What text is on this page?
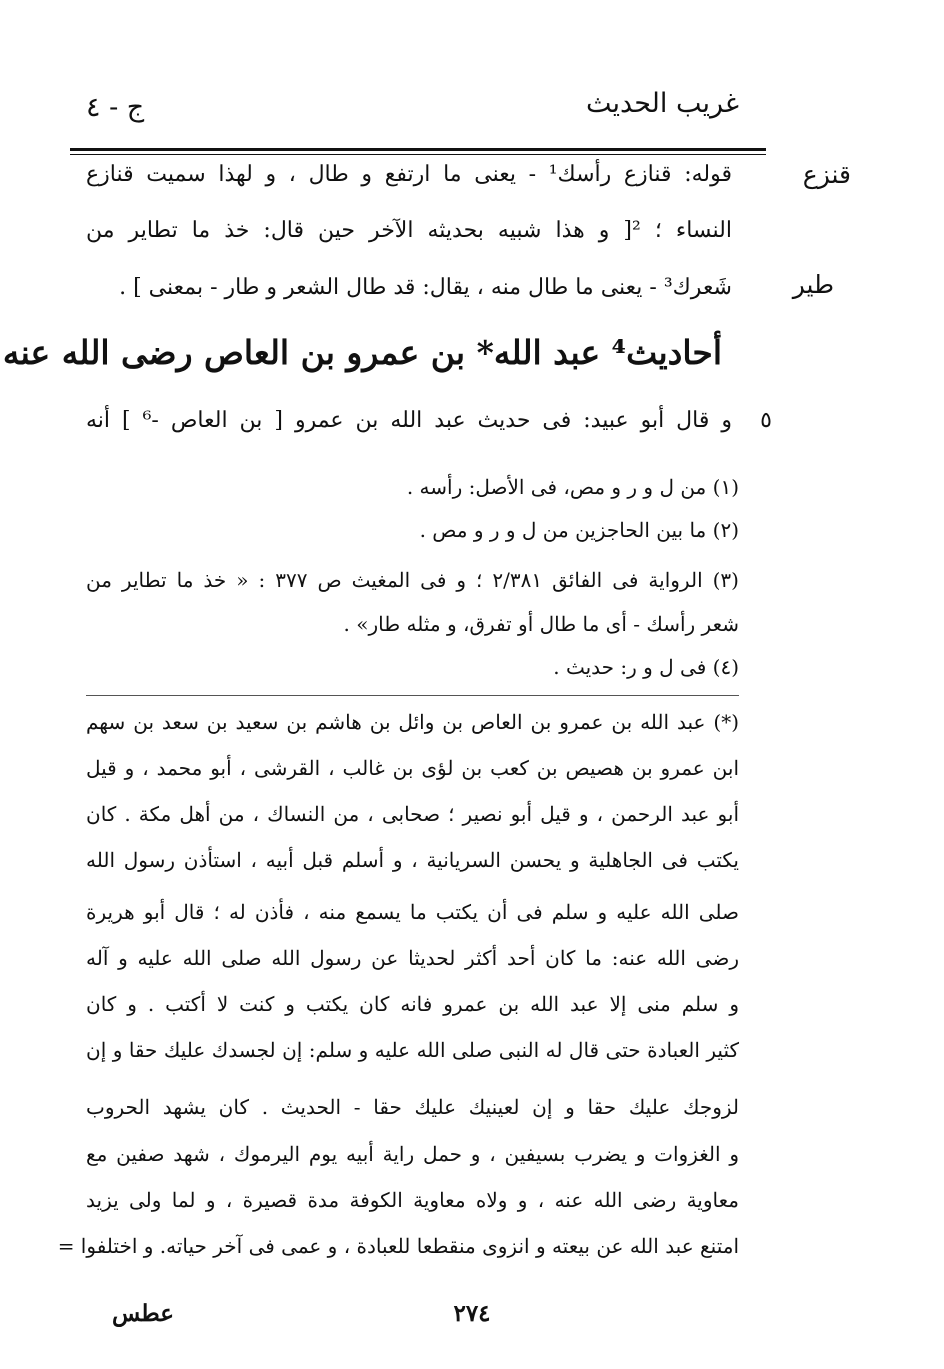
غريب الحديث
ج - ٤
قنزع
طير
٥
قوله: قنازع رأسك¹ - يعنى ما ارتفع و طال ، و لهذا سميت قنازع
النساء ؛ ²[ و هذا شبيه بحديثه الآخر حين قال: خذ ما تطاير من
شَعرك³ - يعنى ما طال منه ، يقال: قد طال الشعر و طار - بمعنى ] .
أحاديث⁴ عبد الله* بن عمرو بن العاص رضى الله عنه
و قال أبو عبيد: فى حديث عبد الله بن عمرو [ بن العاص -⁶ ] أنه
(١) من ل و ر و مص، فى الأصل: رأسه .
(٢) ما بين الحاجزين من ل و ر و مص .
(٣) الرواية فى الفائق ٢/٣٨١ ؛ و فى المغيث ص ٣٧٧ : « خذ ما تطاير من
شعر رأسك - أى ما طال أو تفرق، و مثله طار» .
(٤) فى ل و ر: حديث .
(*) عبد الله بن عمرو بن العاص بن وائل بن هاشم بن سعيد بن سعد بن سهم
ابن عمرو بن هصيص بن كعب بن لؤى بن غالب ، القرشى ، أبو محمد ، و قيل
أبو عبد الرحمن ، و قيل أبو نصير ؛ صحابى ، من النساك ، من أهل مكة . كان
يكتب فى الجاهلية و يحسن السريانية ، و أسلم قبل أبيه ، استأذن رسول الله
صلى الله عليه و سلم فى أن يكتب ما يسمع منه ، فأذن له ؛ قال أبو هريرة
رضى الله عنه: ما كان أحد أكثر لحديثا عن رسول الله صلى الله عليه و آله
و سلم منى إلا عبد الله بن عمرو فانه كان يكتب و كنت لا أكتب . و كان
كثير العبادة حتى قال له النبى صلى الله عليه و سلم: إن لجسدك عليك حقا و إن
لزوجك عليك حقا و إن لعينيك عليك حقا - الحديث . كان يشهد الحروب
و الغزوات و يضرب بسيفين ، و حمل راية أبيه يوم اليرموك ، شهد صفين مع
معاوية رضى الله عنه ، و ولاه معاوية الكوفة مدة قصيرة ، و لما ولى يزيد
امتنع عبد الله عن بيعته و انزوى منقطعا للعبادة ، و عمى فى آخر حياته. و اختلفوا =
٢٧٤
عطس
